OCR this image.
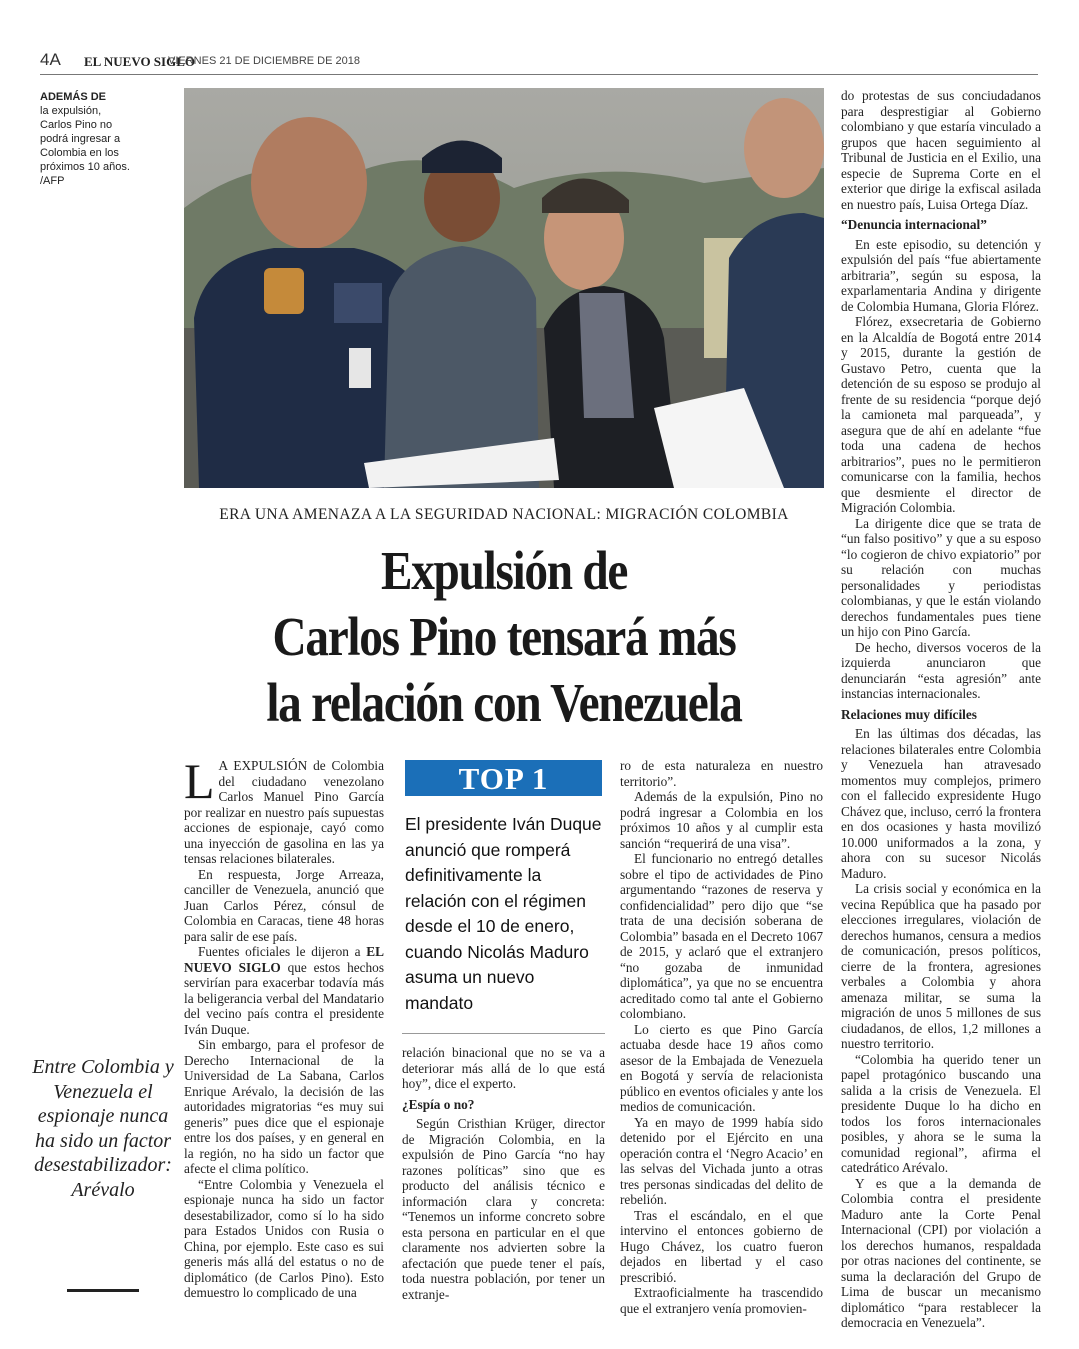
4A EL NUEVO SIGLO
VIERNES 21 DE DICIEMBRE DE 2018
ADEMÁS DE
la expulsión, Carlos Pino no podrá ingresar a Colombia en los próximos 10 años. /AFP
ERA UNA AMENAZA A LA SEGURIDAD NACIONAL: MIGRACIÓN COLOMBIA
Expulsión de
Carlos Pino tensará más
la relación con Venezuela

L A EXPULSIÓN de Colombia del ciudadano venezolano Carlos Manuel Pino García por realizar en nuestro país supuestas acciones de espionaje, cayó como una inyección de gasolina en las ya tensas relaciones bilaterales.

En respuesta, Jorge Arreaza, canciller de Venezuela, anunció que Juan Carlos Pérez, cónsul de Colombia en Caracas, tiene 48 horas para salir de ese país.

Fuentes oficiales le dijeron a EL NUEVO SIGLO que estos hechos servirían para exacerbar todavía más la beligerancia verbal del Mandatario del vecino país contra el presidente Iván Duque.

Sin embargo, para el profesor de Derecho Internacional de la Universidad de La Sabana, Carlos Enrique Arévalo, la decisión de las autoridades migratorias “es muy sui generis” pues dice que el espionaje entre los dos países, y en general en la región, no ha sido un factor que afecte el clima político.

“Entre Colombia y Venezuela el espionaje nunca ha sido un factor desestabilizador, como sí lo ha sido para Estados Unidos con Rusia o China, por ejemplo. Este caso es sui generis más allá del estatus o no de diplomático (de Carlos Pino). Esto demuestro lo complicado de una

TOP 1
El presidente Iván Duque anunció que romperá definitivamente la relación con el régimen desde el 10 de enero, cuando Nicolás Maduro asuma un nuevo mandato

relación binacional que no se va a deteriorar más allá de lo que está hoy”, dice el experto.

¿Espía o no?

Según Cristhian Krüger, director de Migración Colombia, en la expulsión de Pino García “no hay razones políticas” sino que es producto del análisis técnico e información clara y concreta: “Tenemos un informe concreto sobre esta persona en particular en el que claramente nos advierten sobre la afectación que puede tener el país, toda nuestra población, por tener un extranje-

ro de esta naturaleza en nuestro territorio”.

Además de la expulsión, Pino no podrá ingresar a Colombia en los próximos 10 años y al cumplir esta sanción “requerirá de una visa”.

El funcionario no entregó detalles sobre el tipo de actividades de Pino argumentando “razones de reserva y confidencialidad” pero dijo que “se trata de una decisión soberana de Colombia” basada en el Decreto 1067 de 2015, y aclaró que el extranjero “no gozaba de inmunidad diplomática”, ya que no se encuentra acreditado como tal ante el Gobierno colombiano.

Lo cierto es que Pino García actuaba desde hace 19 años como asesor de la Embajada de Venezuela en Bogotá y servía de relacionista público en eventos oficiales y ante los medios de comunicación.

Ya en mayo de 1999 había sido detenido por el Ejército en una operación contra el ‘Negro Acacio’ en las selvas del Vichada junto a otras tres personas sindicadas del delito de rebelión.

Tras el escándalo, en el que intervino el entonces gobierno de Hugo Chávez, los cuatro fueron dejados en libertad y el caso prescribió.

Extraoficialmente ha trascendido que el extranjero venía promovien-

do protestas de sus conciudadanos para desprestigiar al Gobierno colombiano y que estaría vinculado a grupos que hacen seguimiento al Tribunal de Justicia en el Exilio, una especie de Suprema Corte en el exterior que dirige la exfiscal asilada en nuestro país, Luisa Ortega Díaz.

“Denuncia internacional”

En este episodio, su detención y expulsión del país “fue abiertamente arbitraria”, según su esposa, la exparlamentaria Andina y dirigente de Colombia Humana, Gloria Flórez.

Flórez, exsecretaria de Gobierno en la Alcaldía de Bogotá entre 2014 y 2015, durante la gestión de Gustavo Petro, cuenta que la detención de su esposo se produjo al frente de su residencia “porque dejó la camioneta mal parqueada”, y asegura que de ahí en adelante “fue toda una cadena de hechos arbitrarios”, pues no le permitieron comunicarse con la familia, hechos que desmiente el director de Migración Colombia.

La dirigente dice que se trata de “un falso positivo” y que a su esposo “lo cogieron de chivo expiatorio” por su relación con muchas personalidades y periodistas colombianas, y que le están violando derechos fundamentales pues tiene un hijo con Pino García.

De hecho, diversos voceros de la izquierda anunciaron que denunciarán “esta agresión” ante instancias internacionales.

Relaciones muy difíciles

En las últimas dos décadas, las relaciones bilaterales entre Colombia y Venezuela han atravesado momentos muy complejos, primero con el fallecido expresidente Hugo Chávez que, incluso, cerró la frontera en dos ocasiones y hasta movilizó 10.000 uniformados a la zona, y ahora con su sucesor Nicolás Maduro.

La crisis social y económica en la vecina República que ha pasado por elecciones irregulares, violación de derechos humanos, censura a medios de comunicación, presos políticos, cierre de la frontera, agresiones verbales a Colombia y ahora amenaza militar, se suma la migración de unos 5 millones de sus ciudadanos, de ellos, 1,2 millones a nuestro territorio.

“Colombia ha querido tener un papel protagónico buscando una salida a la crisis de Venezuela. El presidente Duque lo ha dicho en todos los foros internacionales posibles, y ahora se le suma la comunidad regional”, afirma el catedrático Arévalo.

Y es que a la demanda de Colombia contra el presidente Maduro ante la Corte Penal Internacional (CPI) por violación a los derechos humanos, respaldada por otras naciones del continente, se suma la declaración del Grupo de Lima de buscar un mecanismo diplomático “para restablecer la democracia en Venezuela”.

Entre Colombia y Venezuela el espionaje nunca ha sido un factor desestabilizador: Arévalo
